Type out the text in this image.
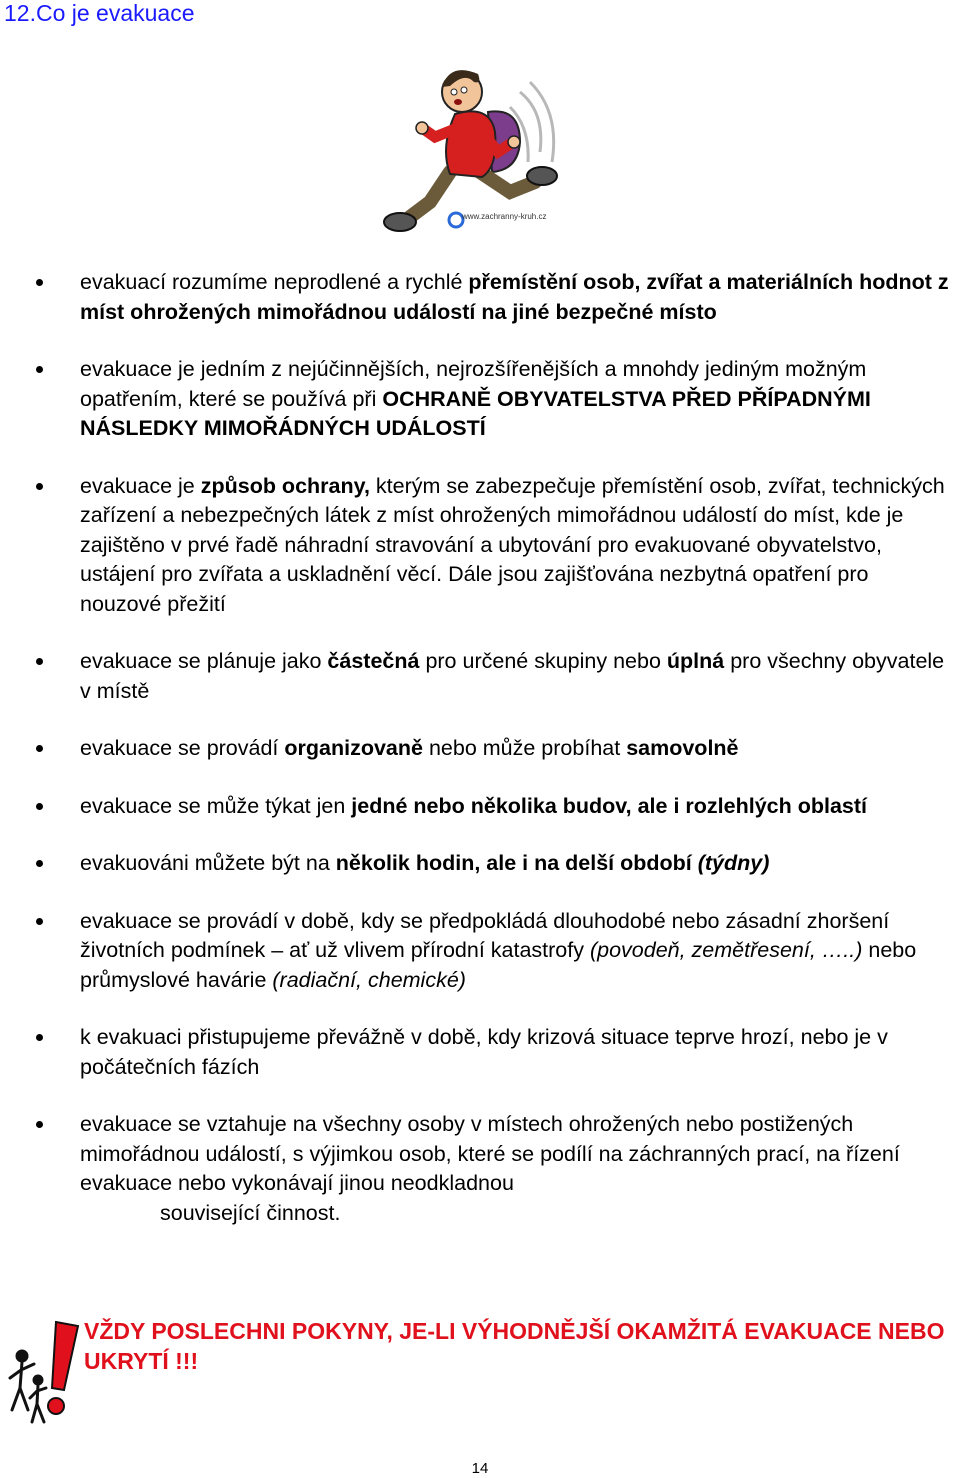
12.Co je evakuace
www.zachranny-kruh.cz
evakuací rozumíme neprodlené a rychlé přemístění osob, zvířat a materiálních hodnot z míst ohrožených mimořádnou událostí na jiné bezpečné místo
evakuace je jedním z nejúčinnějších, nejrozšířenějších a mnohdy jediným možným opatřením, které se používá při OCHRANĚ OBYVATELSTVA PŘED PŘÍPADNÝMI NÁSLEDKY MIMOŘÁDNÝCH UDÁLOSTÍ
evakuace je způsob ochrany, kterým se zabezpečuje přemístění osob, zvířat, technických zařízení a nebezpečných látek z míst ohrožených mimořádnou událostí do míst, kde je zajištěno v prvé řadě náhradní stravování a ubytování pro evakuované obyvatelstvo, ustájení pro zvířata a uskladnění věcí. Dále jsou zajišťována nezbytná opatření pro nouzové přežití
evakuace se plánuje jako částečná pro určené skupiny nebo úplná pro všechny obyvatele v místě
evakuace se provádí organizovaně nebo může probíhat samovolně
evakuace se může týkat jen jedné nebo několika budov, ale i rozlehlých oblastí
evakuováni můžete být na několik hodin, ale i na delší období (týdny)
evakuace se provádí v době, kdy se předpokládá dlouhodobé nebo zásadní zhoršení životních podmínek – ať už vlivem přírodní katastrofy (povodeň, zemětřesení, …..) nebo průmyslové havárie (radiační, chemické)
k evakuaci přistupujeme převážně v době, kdy krizová situace teprve hrozí, nebo je v počátečních fázích
evakuace se vztahuje na všechny osoby v místech ohrožených nebo postižených mimořádnou událostí, s výjimkou osob, které se podílí na záchranných prací, na řízení evakuace nebo vykonávají jinou neodkladnou
související činnost.
VŽDY POSLECHNI POKYNY, JE-LI VÝHODNĚJŠÍ OKAMŽITÁ EVAKUACE NEBO UKRYTÍ !!!
14
